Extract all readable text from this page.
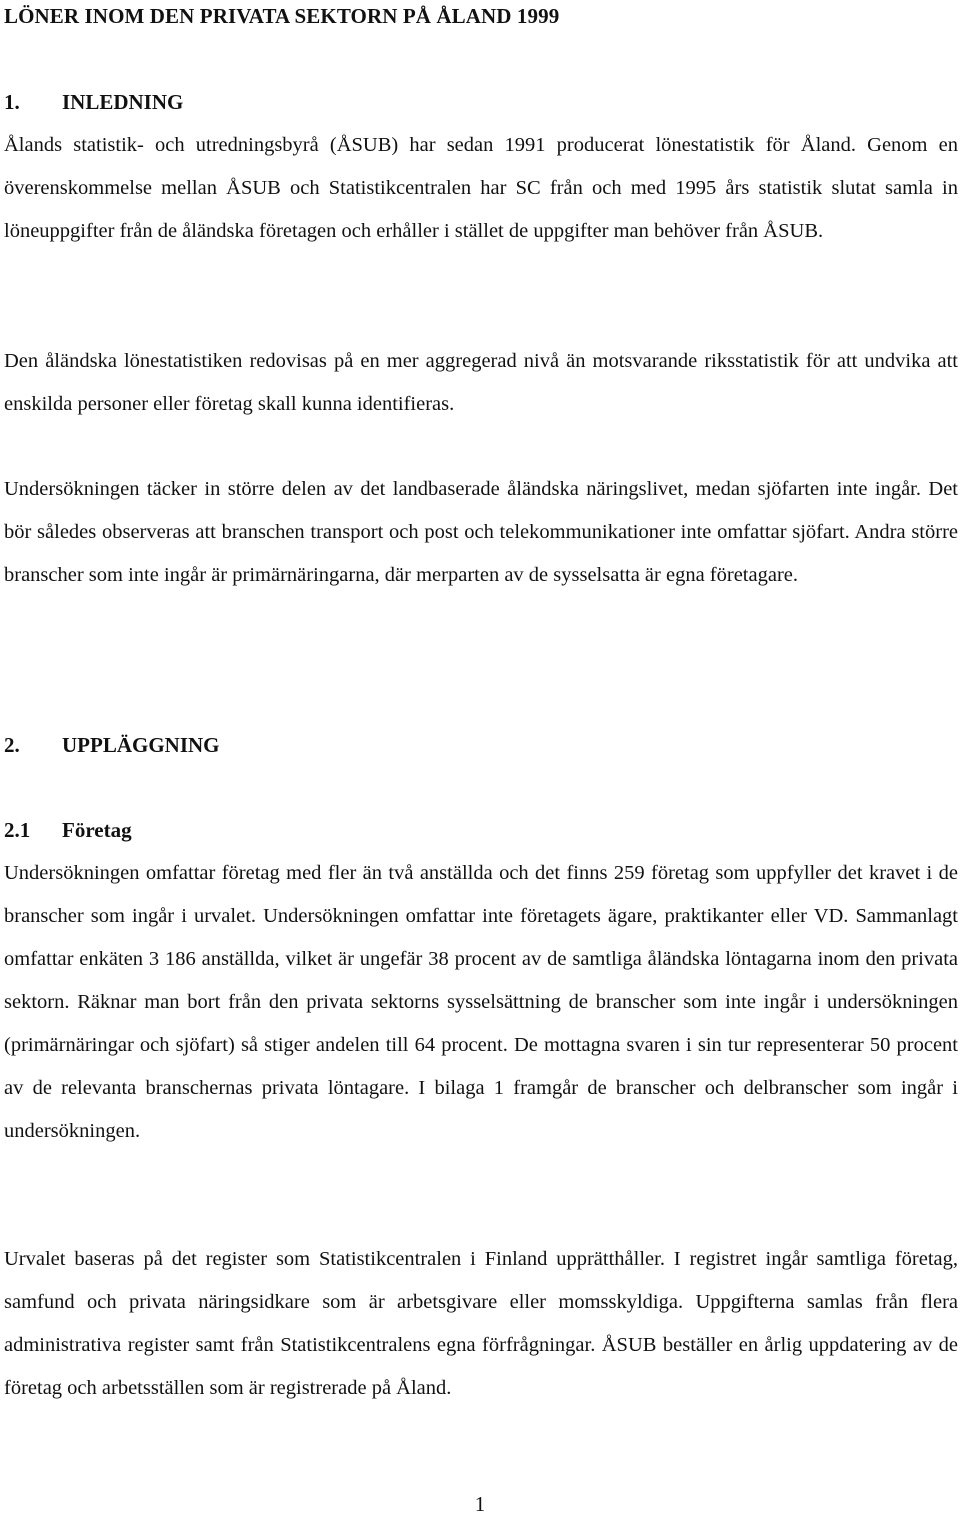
LÖNER INOM DEN PRIVATA SEKTORN PÅ ÅLAND 1999
1. INLEDNING

Ålands statistik- och utredningsbyrå (ÅSUB) har sedan 1991 producerat lönestatistik för Åland. Genom en överenskommelse mellan ÅSUB och Statistikcentralen har SC från och med 1995 års statistik slutat samla in löneuppgifter från de åländska företagen och erhåller i stället de uppgifter man behöver från ÅSUB.

Den åländska lönestatistiken redovisas på en mer aggregerad nivå än motsvarande riksstatistik för att undvika att enskilda personer eller företag skall kunna identifieras.

Undersökningen täcker in större delen av det landbaserade åländska näringslivet, medan sjöfarten inte ingår. Det bör således observeras att branschen transport och post och telekommunikationer inte omfattar sjöfart. Andra större branscher som inte ingår är primärnäringarna, där merparten av de sysselsatta är egna företagare.

2. UPPLÄGGNING
2.1 Företag

Undersökningen omfattar företag med fler än två anställda och det finns 259 företag som uppfyller det kravet i de branscher som ingår i urvalet. Undersökningen omfattar inte företagets ägare, praktikanter eller VD. Sammanlagt omfattar enkäten 3 186 anställda, vilket är ungefär 38 procent av de samtliga åländska löntagarna inom den privata sektorn. Räknar man bort från den privata sektorns sysselsättning de branscher som inte ingår i undersökningen (primärnäringar och sjöfart) så stiger andelen till 64 procent. De mottagna svaren i sin tur representerar 50 procent av de relevanta branschernas privata löntagare. I bilaga 1 framgår de branscher och delbranscher som ingår i undersökningen.

Urvalet baseras på det register som Statistikcentralen i Finland upprätthåller. I registret ingår samtliga företag, samfund och privata näringsidkare som är arbetsgivare eller momsskyldiga. Uppgifterna samlas från flera administrativa register samt från Statistikcentralens egna förfrågningar. ÅSUB beställer en årlig uppdatering av de företag och arbetsställen som är registrerade på Åland.

1
